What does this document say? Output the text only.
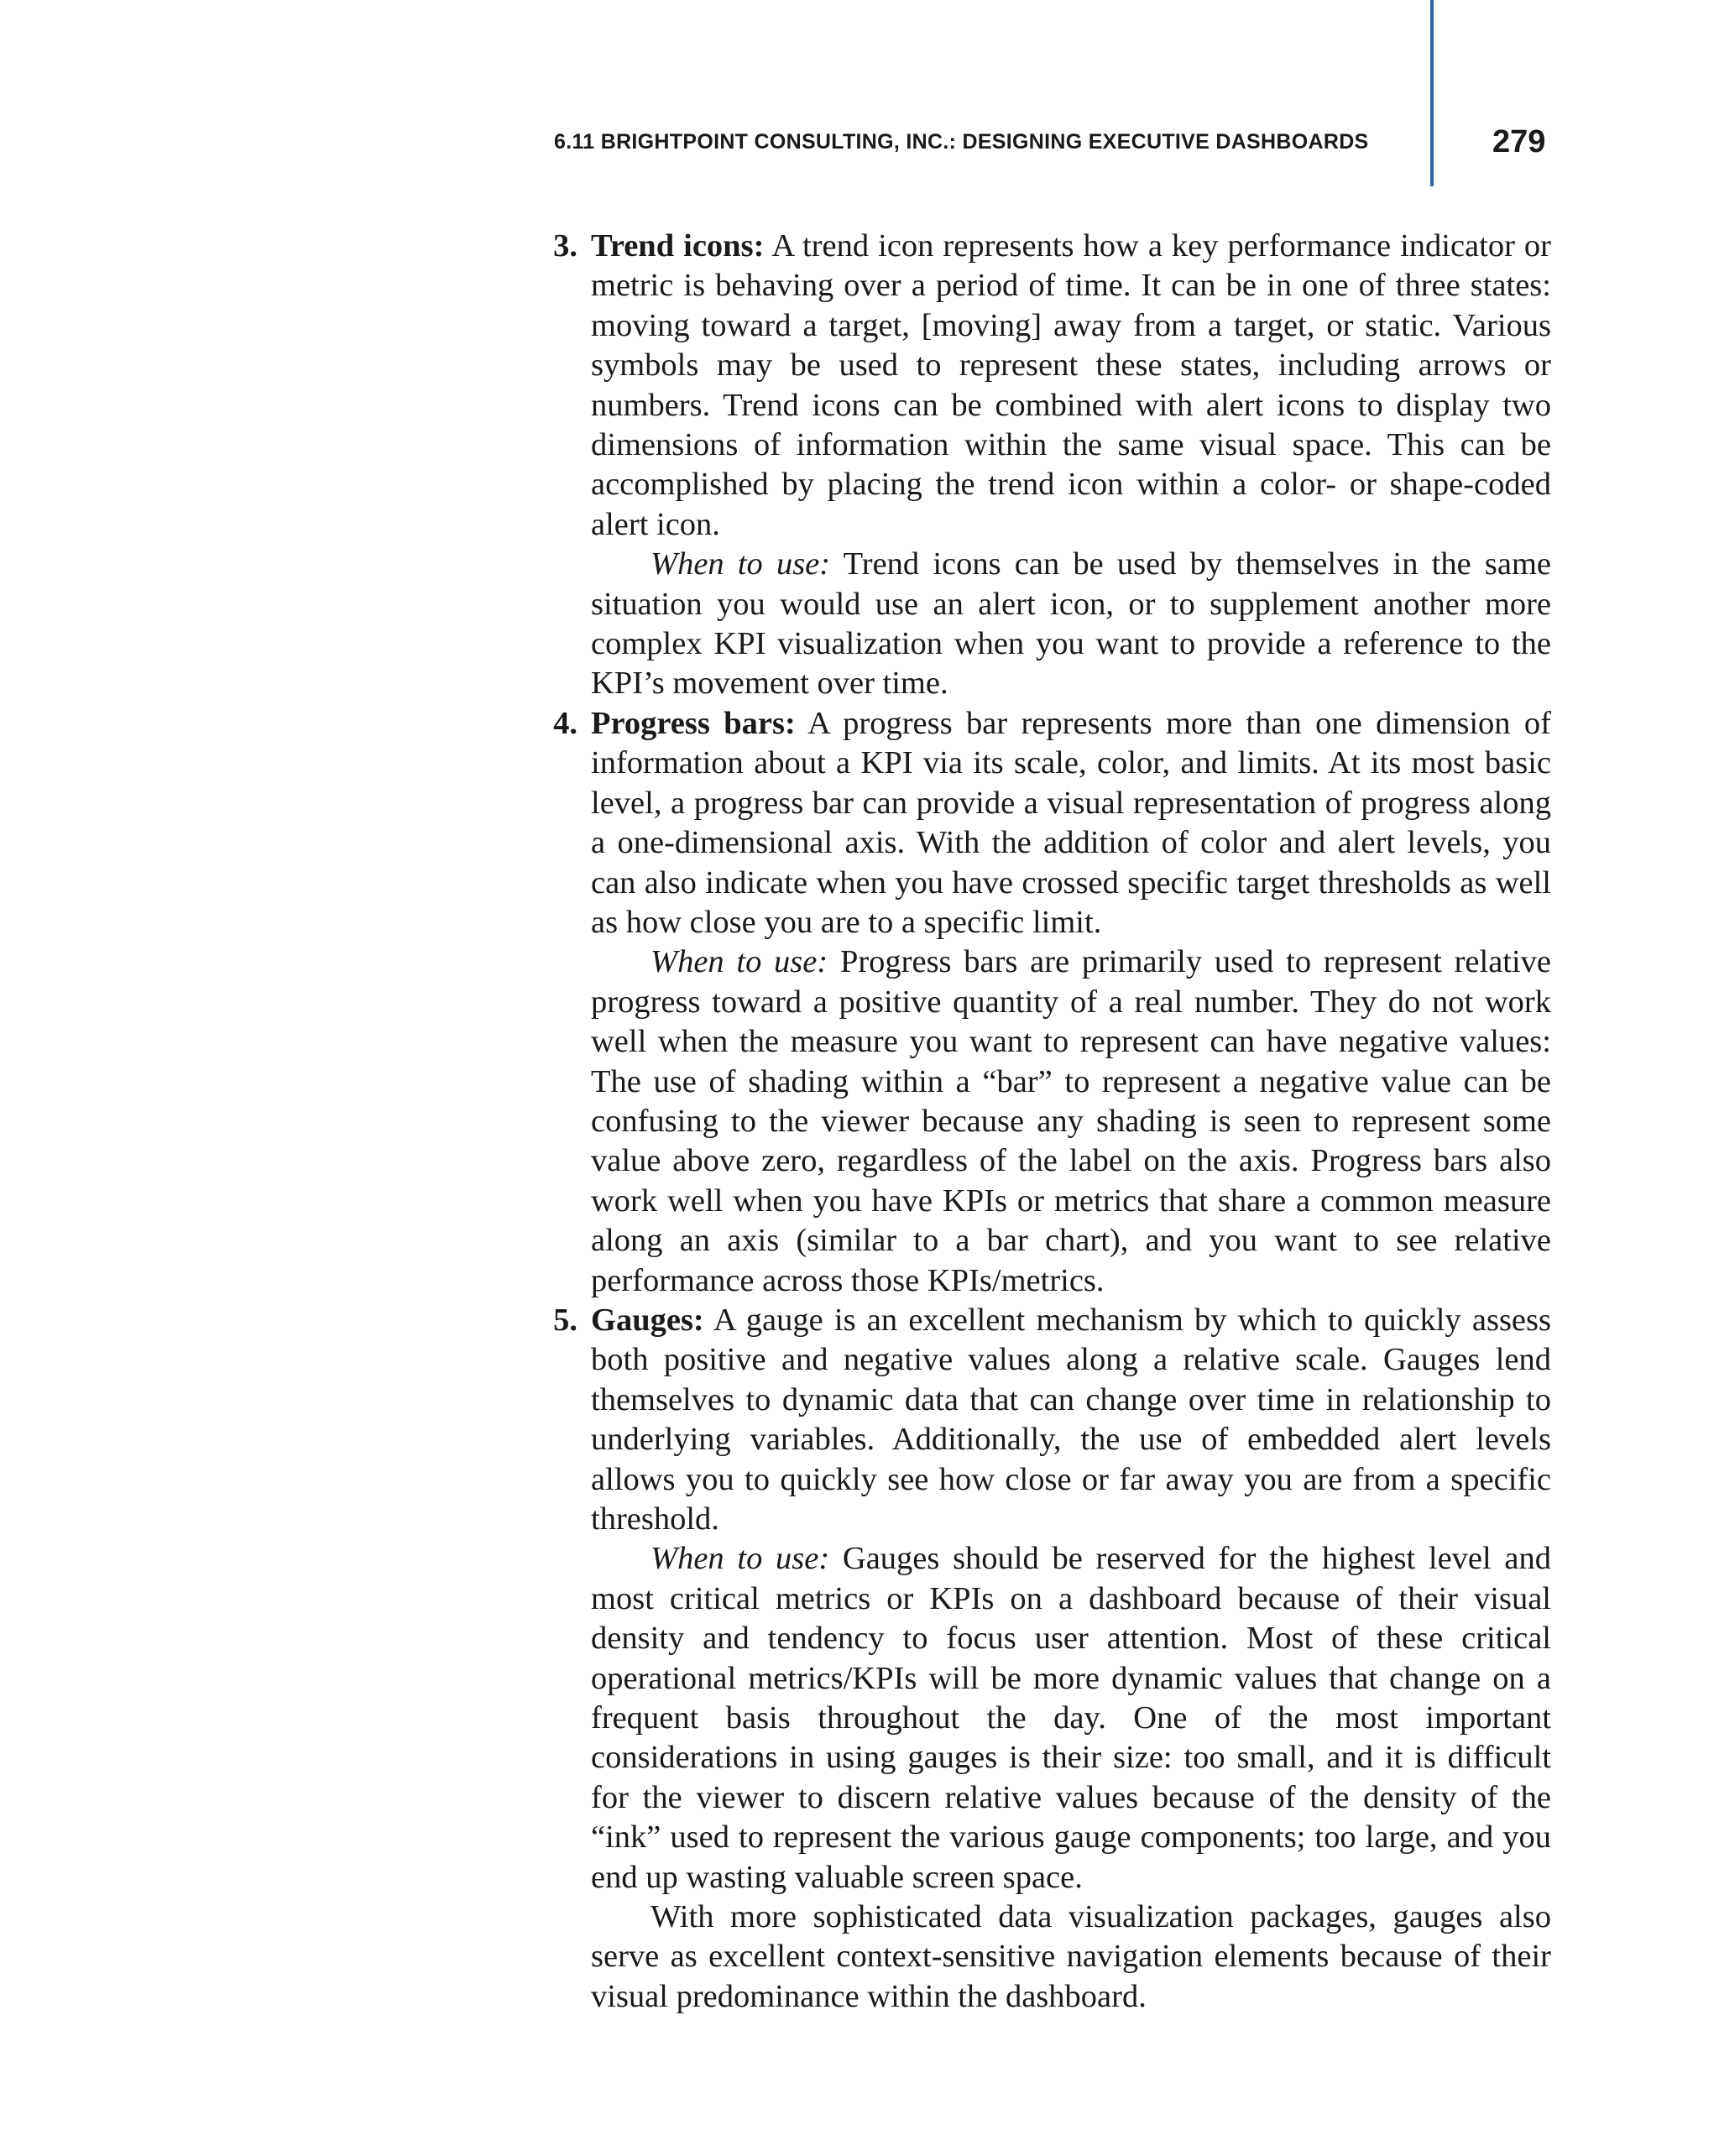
6.11 BRIGHTPOINT CONSULTING, INC.: DESIGNING EXECUTIVE DASHBOARDS	279
3. Trend icons: A trend icon represents how a key performance indicator or metric is behaving over a period of time. It can be in one of three states: moving toward a target, [moving] away from a target, or static. Various symbols may be used to represent these states, including arrows or numbers. Trend icons can be combined with alert icons to display two dimensions of information within the same visual space. This can be accomplished by placing the trend icon within a color- or shape-coded alert icon.

When to use: Trend icons can be used by themselves in the same situation you would use an alert icon, or to supplement another more complex KPI visualization when you want to provide a reference to the KPI’s movement over time.

4. Progress bars: A progress bar represents more than one dimension of information about a KPI via its scale, color, and limits. At its most basic level, a progress bar can provide a visual representation of progress along a one-dimensional axis. With the addition of color and alert levels, you can also indicate when you have crossed specific target thresholds as well as how close you are to a specific limit.

When to use: Progress bars are primarily used to represent relative progress toward a positive quantity of a real number. They do not work well when the measure you want to represent can have negative values: The use of shading within a “bar” to represent a negative value can be confusing to the viewer because any shading is seen to represent some value above zero, regardless of the label on the axis. Progress bars also work well when you have KPIs or metrics that share a common measure along an axis (similar to a bar chart), and you want to see relative performance across those KPIs/metrics.

5. Gauges: A gauge is an excellent mechanism by which to quickly assess both positive and negative values along a relative scale. Gauges lend themselves to dynamic data that can change over time in relationship to underlying variables. Additionally, the use of embedded alert levels allows you to quickly see how close or far away you are from a specific threshold.

When to use: Gauges should be reserved for the highest level and most critical metrics or KPIs on a dashboard because of their visual density and tendency to focus user attention. Most of these critical operational metrics/KPIs will be more dynamic values that change on a frequent basis throughout the day. One of the most important considerations in using gauges is their size: too small, and it is difficult for the viewer to discern relative values because of the density of the “ink” used to represent the various gauge components; too large, and you end up wasting valuable screen space.

With more sophisticated data visualization packages, gauges also serve as excellent context-sensitive navigation elements because of their visual predominance within the dashboard.
